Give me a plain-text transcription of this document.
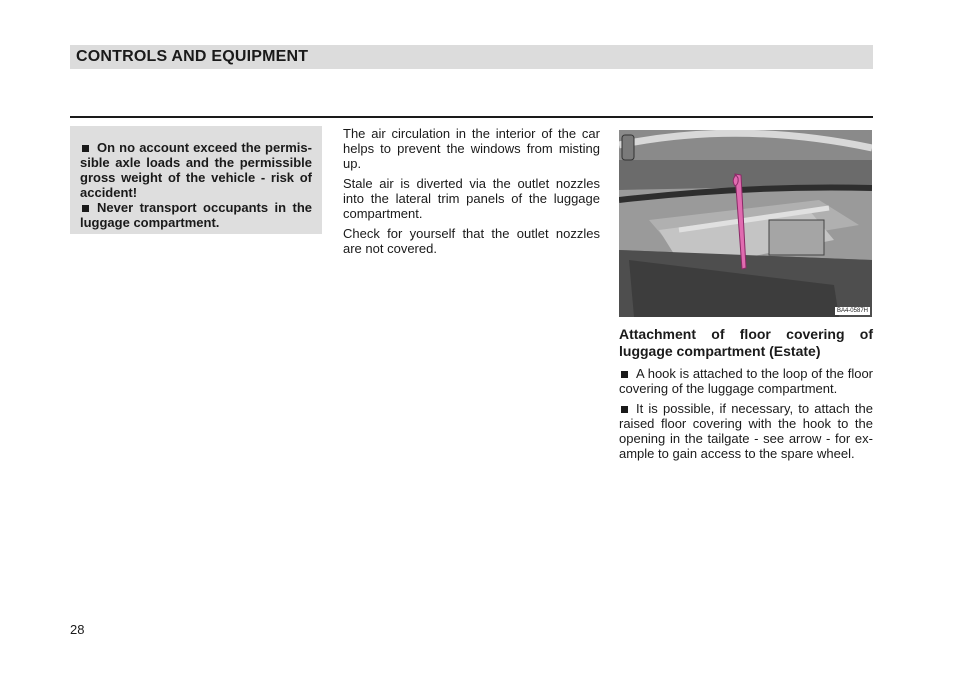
CONTROLS AND EQUIPMENT

On no account exceed the permissible axle loads and the permissible gross weight of the vehicle - risk of accident!

Never transport occupants in the luggage compartment.

The air circulation in the interior of the car helps to prevent the windows from misting up.

Stale air is diverted via the outlet nozzles into the lateral trim panels of the luggage compartment.

Check for yourself that the outlet nozzles are not covered.

BA4-0587H
Attachment of floor covering of luggage compartment (Estate)

A hook is attached to the loop of the floor covering of the luggage compartment.

It is possible, if necessary, to attach the raised floor covering with the hook to the opening in the tailgate - see arrow - for example to gain access to the spare wheel.

28
